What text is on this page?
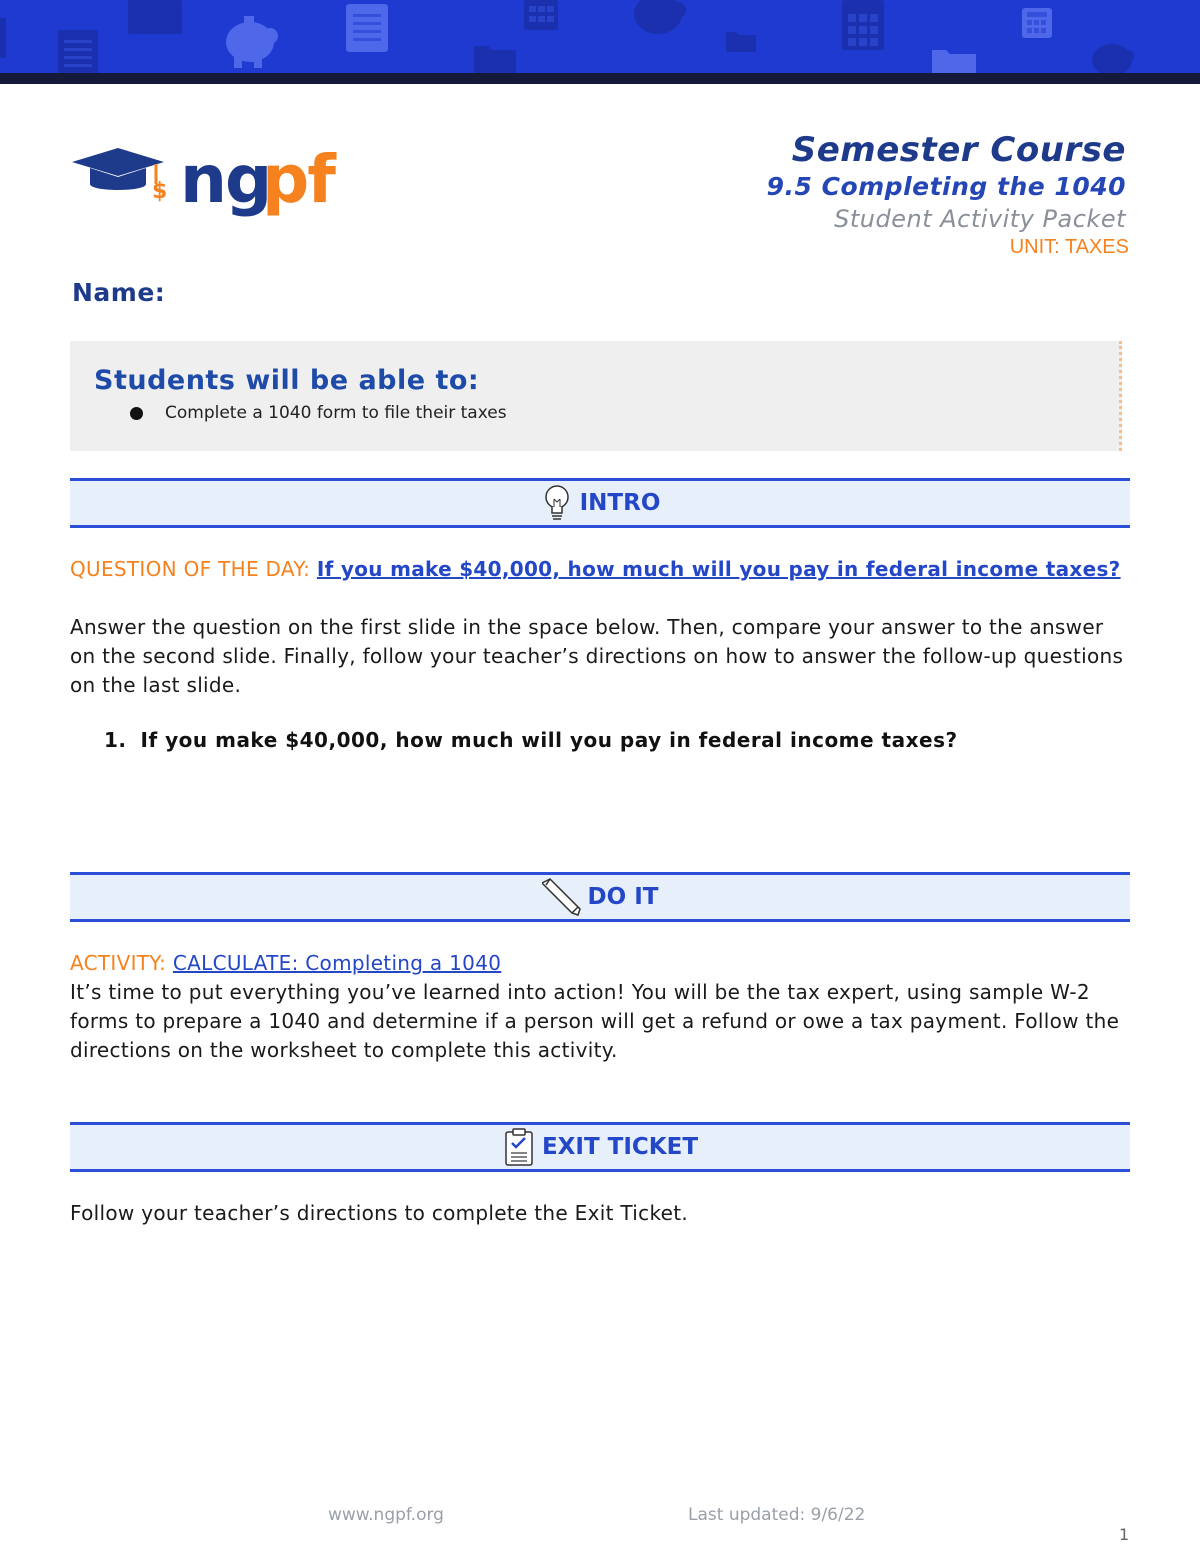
$ ng
pf	Semester Course
9.5 Completing the 1040
Student Activity Packet
UNIT: TAXES
Name:
Students will be able to:
Complete a 1040 form to file their taxes
INTRO
QUESTION OF THE DAY: If you make $40,000, how much will you pay in federal income taxes?
Answer the question on the first slide in the space below. Then, compare your answer to the answer on the second slide. Finally, follow your teacher’s directions on how to answer the follow-up questions on the last slide.
1. If you make $40,000, how much will you pay in federal income taxes?
DO IT
ACTIVITY: CALCULATE: Completing a 1040
It’s time to put everything you’ve learned into action! You will be the tax expert, using sample W-2 forms to prepare a 1040 and determine if a person will get a refund or owe a tax payment. Follow the directions on the worksheet to complete this activity.
EXIT TICKET
Follow your teacher’s directions to complete the Exit Ticket.
www.ngpf.org	Last updated: 9/6/22
1
